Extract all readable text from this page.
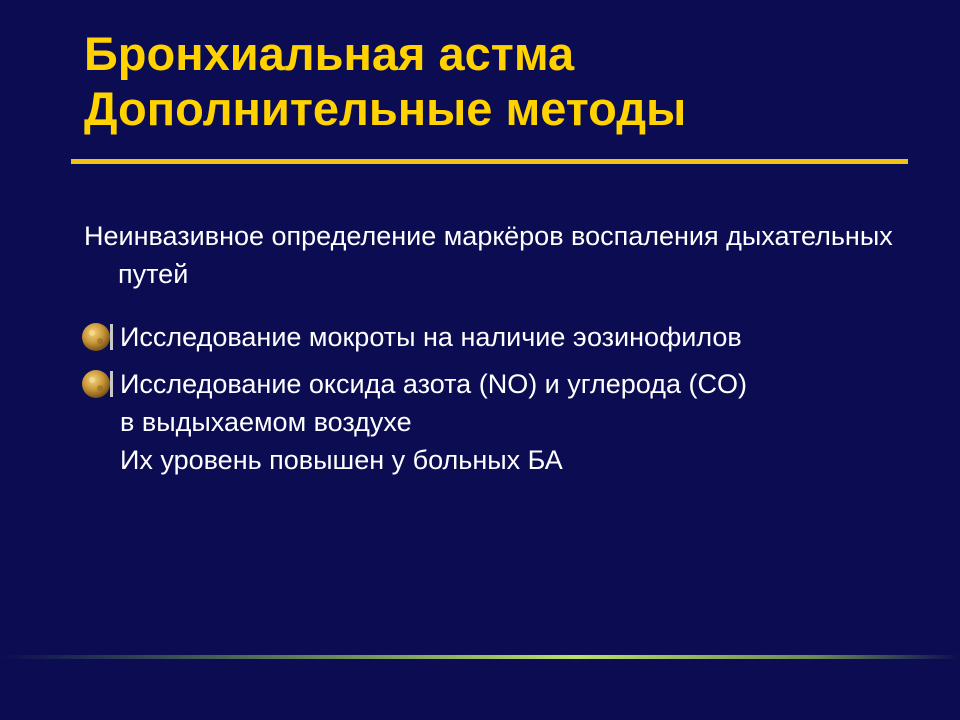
Бронхиальная астма
Дополнительные методы

Неинвазивное определение маркёров воспаления дыхательных путей

Исследование мокроты на наличие эозинофилов
Исследование оксида азота (NO) и углерода (CO)
в выдыхаемом воздухе
Их уровень повышен у больных БА
